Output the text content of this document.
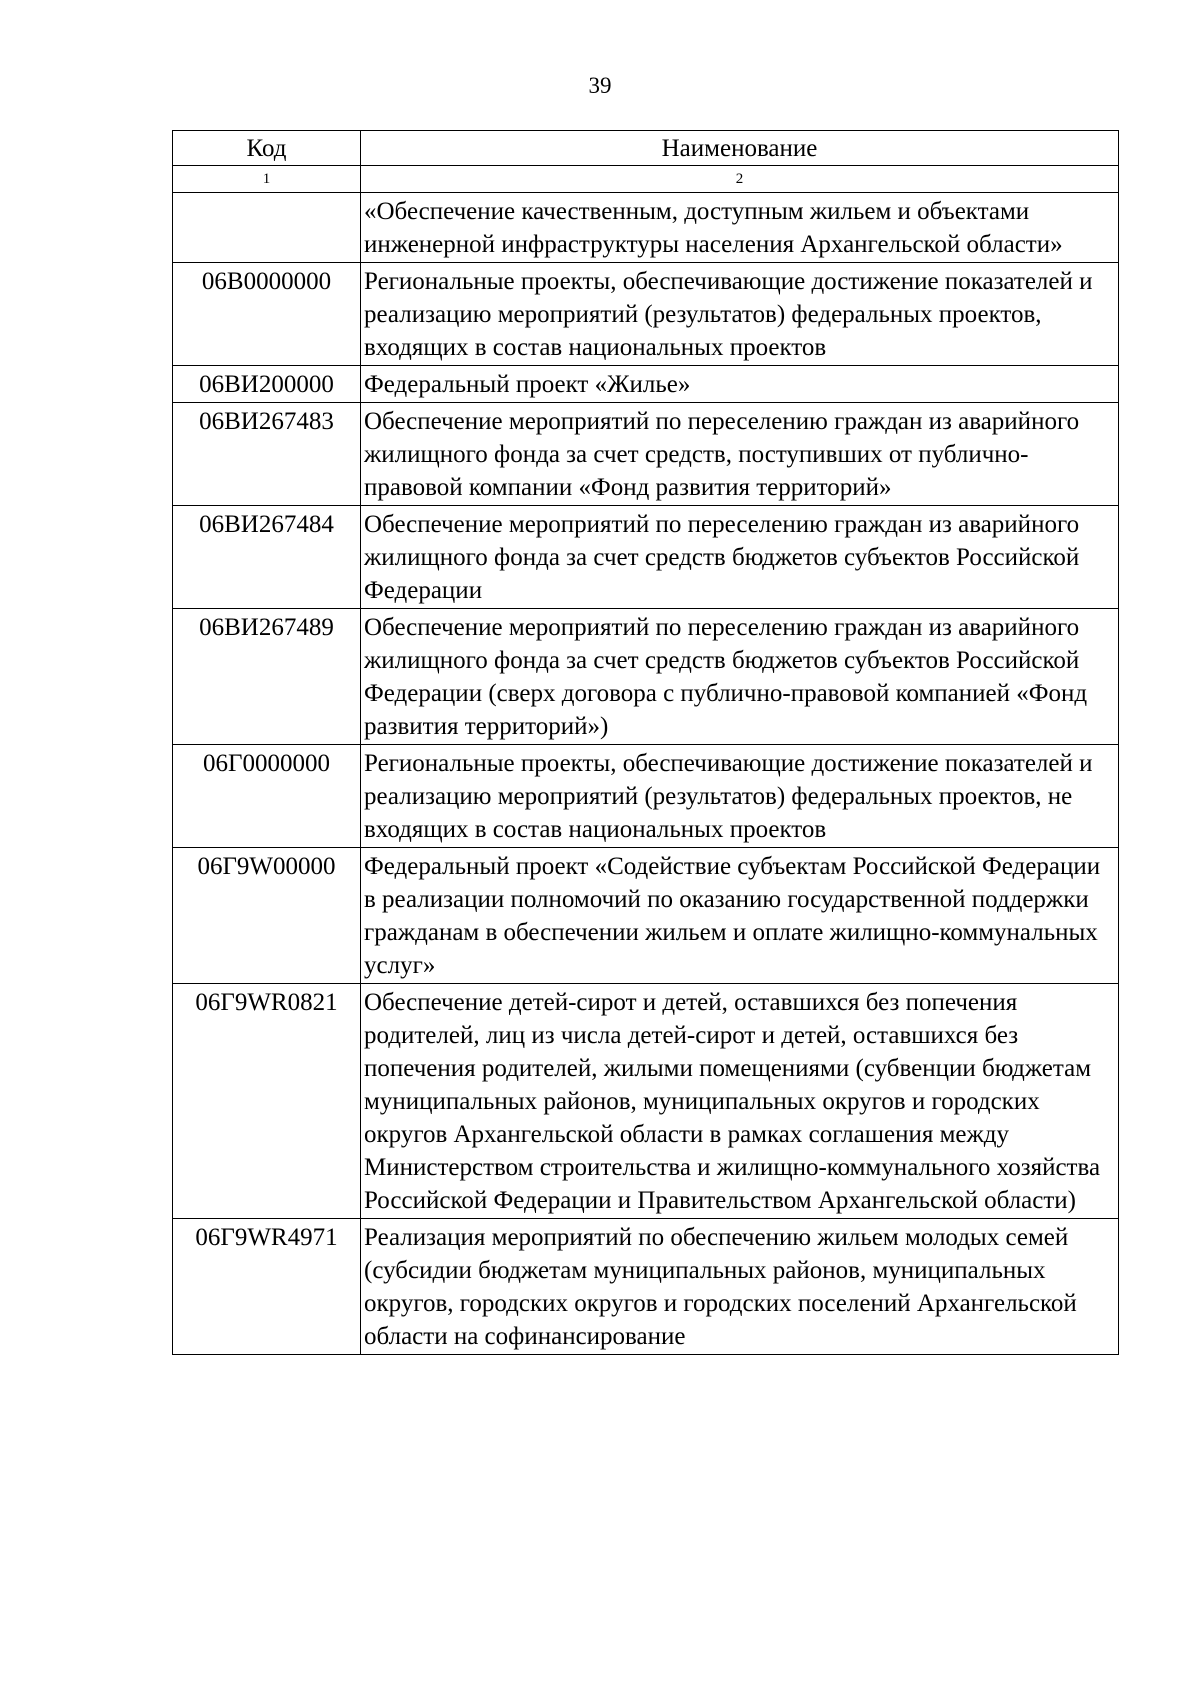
39
Код	Наименование
1	2
	«Обеспечение качественным, доступным жильем и объектами инженерной инфраструктуры населения Архангельской области»
06В0000000	Региональные проекты, обеспечивающие достижение показателей и реализацию мероприятий (результатов) федеральных проектов, входящих в состав национальных проектов
06ВИ200000	Федеральный проект «Жилье»
06ВИ267483	Обеспечение мероприятий по переселению граждан из аварийного жилищного фонда за счет средств, поступивших от публично-правовой компании «Фонд развития территорий»
06ВИ267484	Обеспечение мероприятий по переселению граждан из аварийного жилищного фонда за счет средств бюджетов субъектов Российской Федерации
06ВИ267489	Обеспечение мероприятий по переселению граждан из аварийного жилищного фонда за счет средств бюджетов субъектов Российской Федерации (сверх договора с публично-правовой компанией «Фонд развития территорий»)
06Г0000000	Региональные проекты, обеспечивающие достижение показателей и реализацию мероприятий (результатов) федеральных проектов, не входящих в состав национальных проектов
06Г9W00000	Федеральный проект «Содействие субъектам Российской Федерации в реализации полномочий по оказанию государственной поддержки гражданам в обеспечении жильем и оплате жилищно-коммунальных услуг»
06Г9WR0821	Обеспечение детей-сирот и детей, оставшихся без попечения родителей, лиц из числа детей-сирот и детей, оставшихся без попечения родителей, жилыми помещениями (субвенции бюджетам муниципальных районов, муниципальных округов и городских округов Архангельской области в рамках соглашения между Министерством строительства и жилищно-коммунального хозяйства Российской Федерации и Правительством Архангельской области)
06Г9WR4971	Реализация мероприятий по обеспечению жильем молодых семей (субсидии бюджетам муниципальных районов, муниципальных округов, городских округов и городских поселений Архангельской области на софинансирование
